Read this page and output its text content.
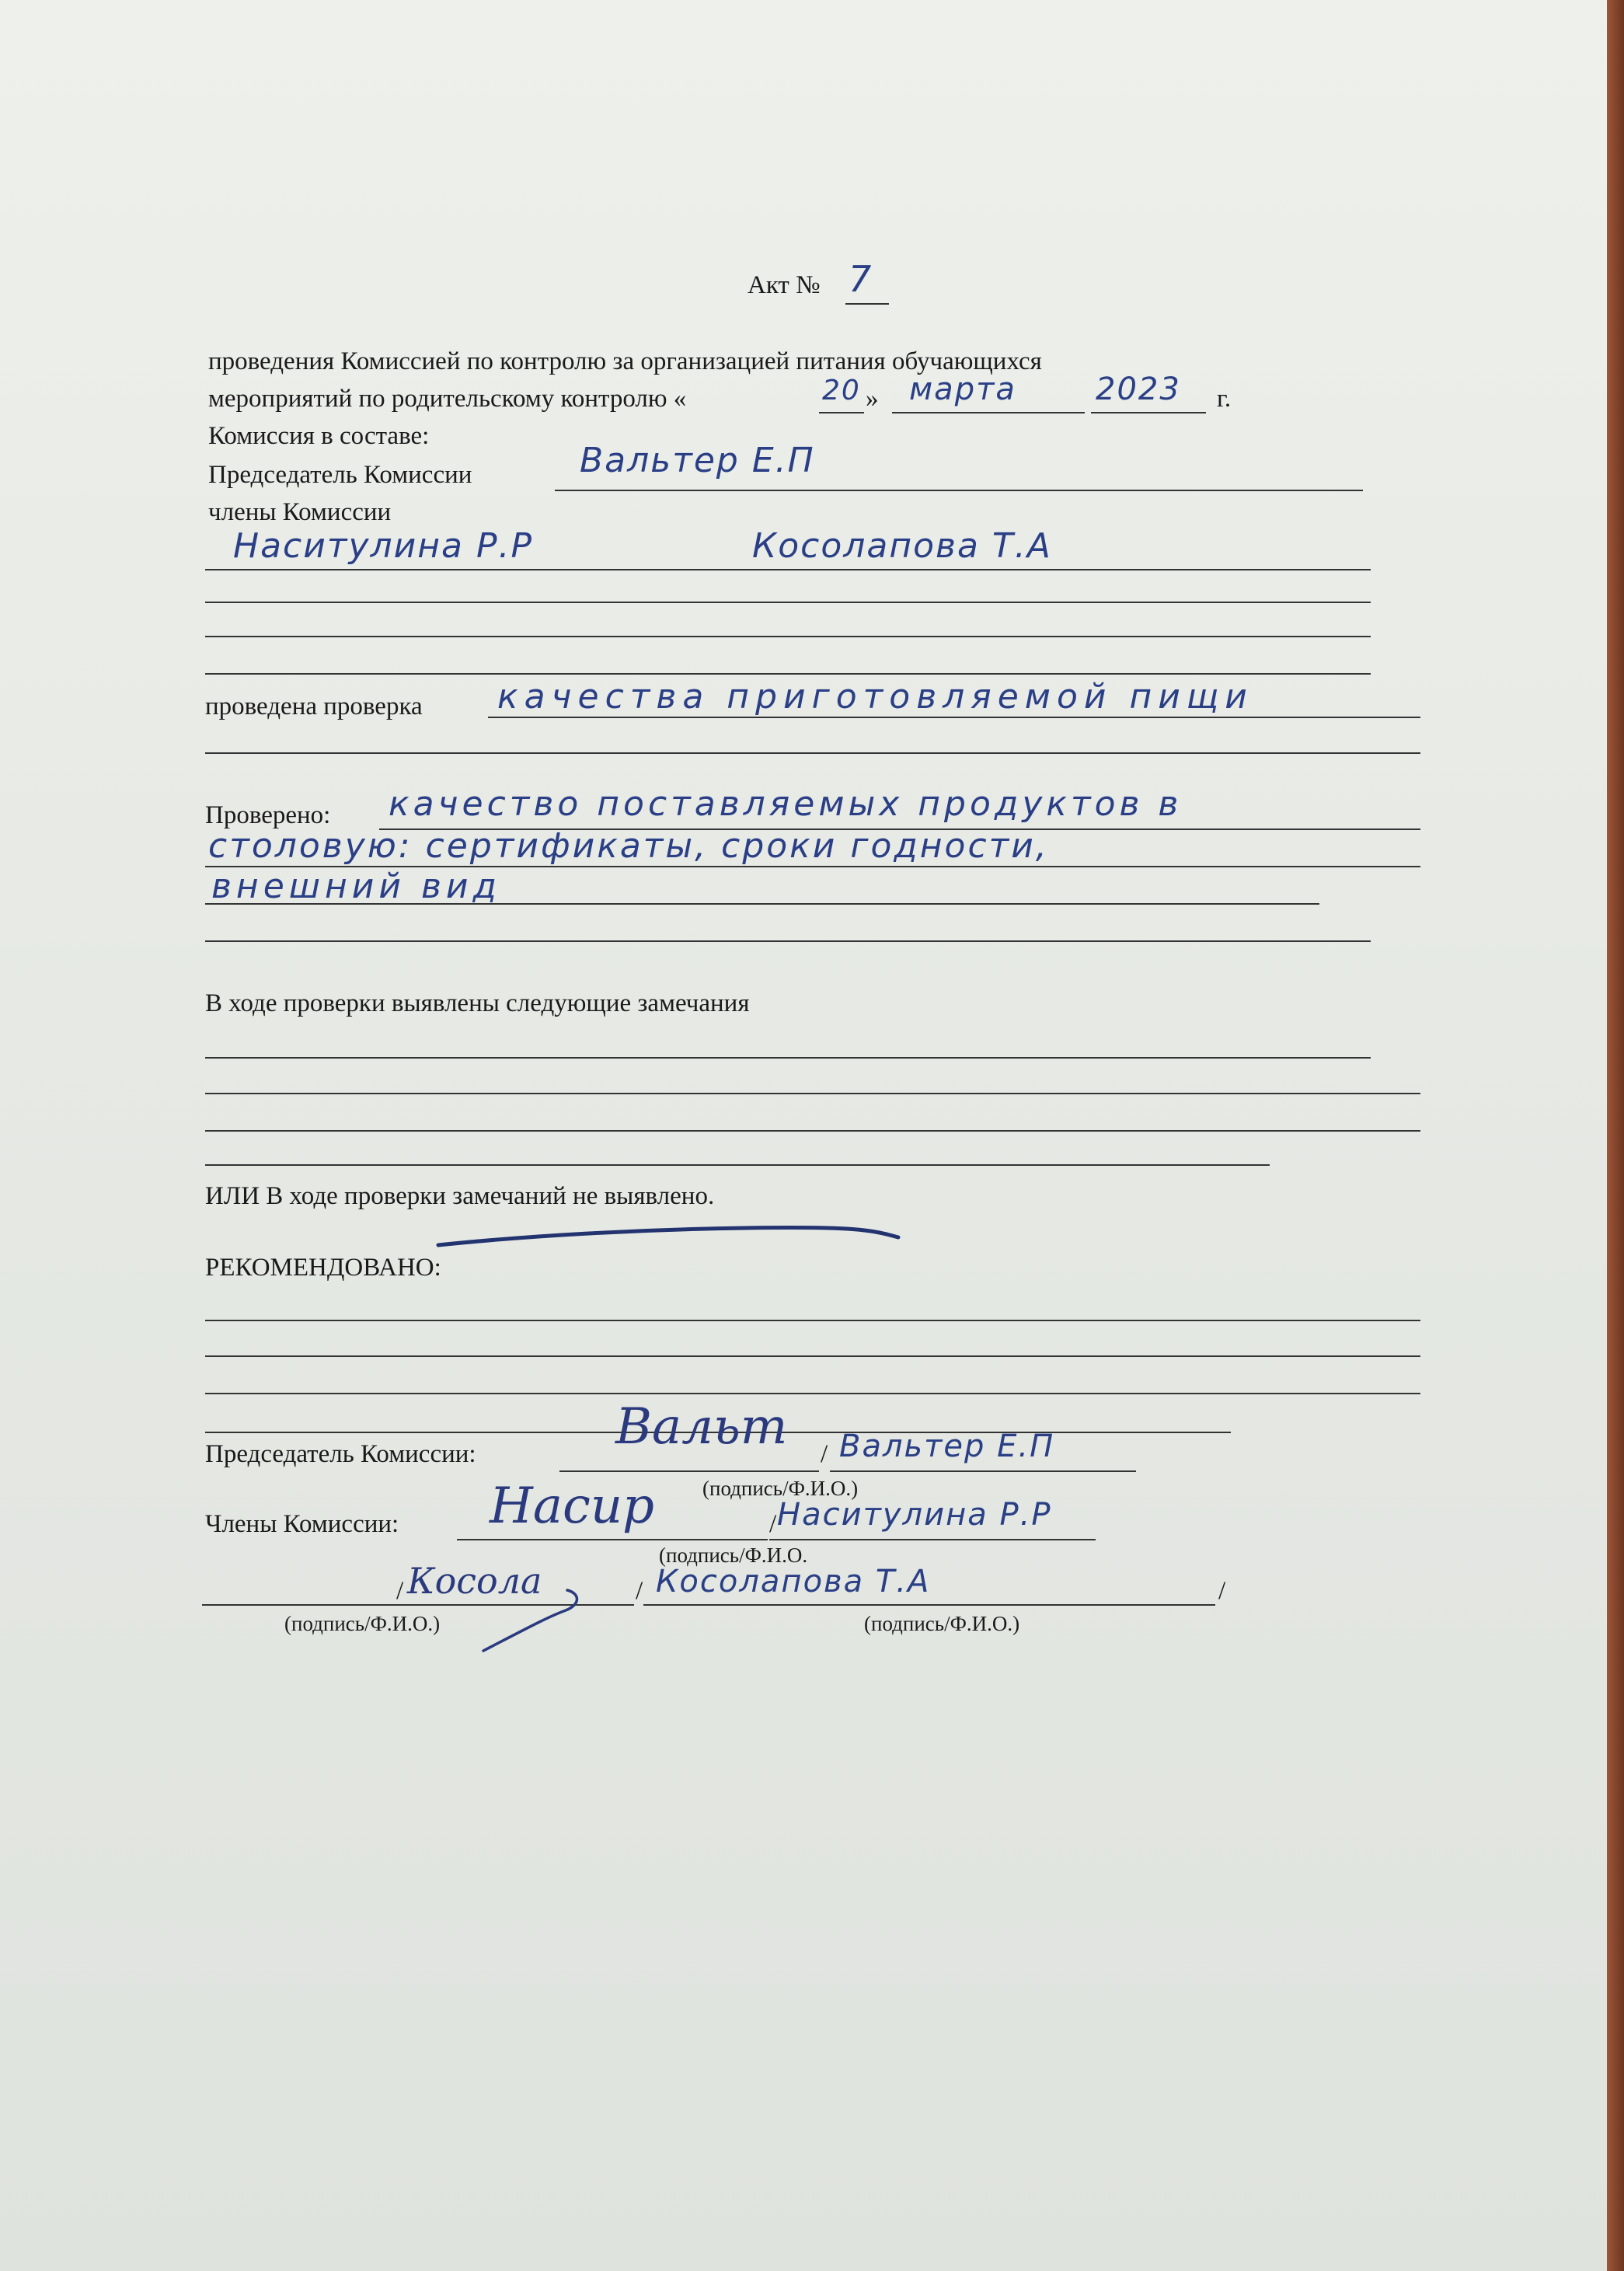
Акт № 7
проведения Комиссией по контролю за организацией питания обучающихся
мероприятий по родительскому контролю «	20 » марта	2023 г.
Комиссия в составе:
Председатель Комиссии	Вальтер Е.П
члены Комиссии
Наситулина Р.Р	Косолапова Т.А
проведена проверка качества приготовляемой пищи
Проверено: качество поставляемых продуктов в
столовую: сертификаты, сроки годности,
внешний вид
В ходе проверки выявлены следующие замечания
ИЛИ В ходе проверки замечаний не выявлено.
РЕКОМЕНДОВАНО:
Председатель Комиссии:	Вальт / Вальтер Е.П
(подпись/Ф.И.О.)
Члены Комиссии: Насир	/ Наситулина Р.Р
(подпись/Ф.И.О.
/ Косола	/ Косолапова Т.А	/
(подпись/Ф.И.О.)	(подпись/Ф.И.О.)
